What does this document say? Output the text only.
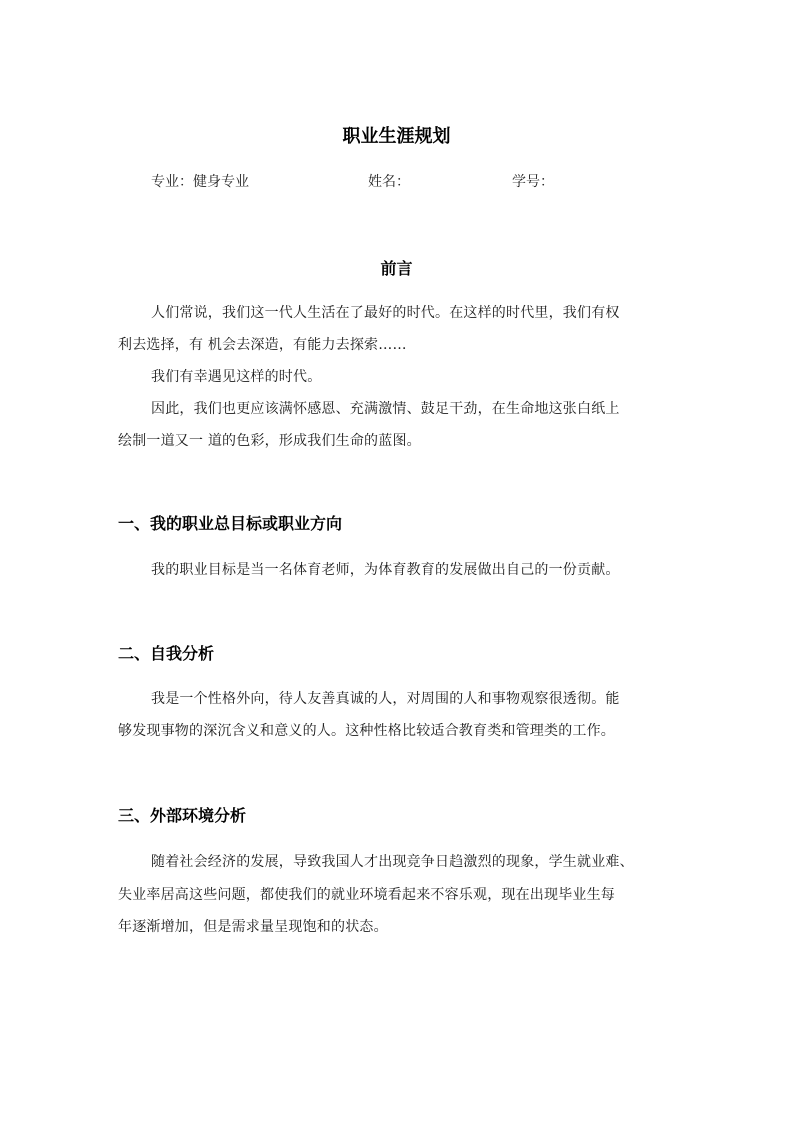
职业生涯规划
专业：健身专业	姓名：	学号：
前言
人们常说，我们这一代人生活在了最好的时代。在这样的时代里，我们有权
利去选择，有 机会去深造，有能力去探索……
我们有幸遇见这样的时代。
因此，我们也更应该满怀感恩、充满激情、鼓足干劲，在生命地这张白纸上
绘制一道又一 道的色彩，形成我们生命的蓝图。
一、我的职业总目标或职业方向
我的职业目标是当一名体育老师，为体育教育的发展做出自己的一份贡献。
二、自我分析
我是一个性格外向，待人友善真诚的人，对周围的人和事物观察很透彻。能
够发现事物的深沉含义和意义的人。这种性格比较适合教育类和管理类的工作。
三、外部环境分析
随着社会经济的发展，导致我国人才出现竞争日趋激烈的现象，学生就业难、
失业率居高这些问题，都使我们的就业环境看起来不容乐观，现在出现毕业生每
年逐渐增加，但是需求量呈现饱和的状态。
